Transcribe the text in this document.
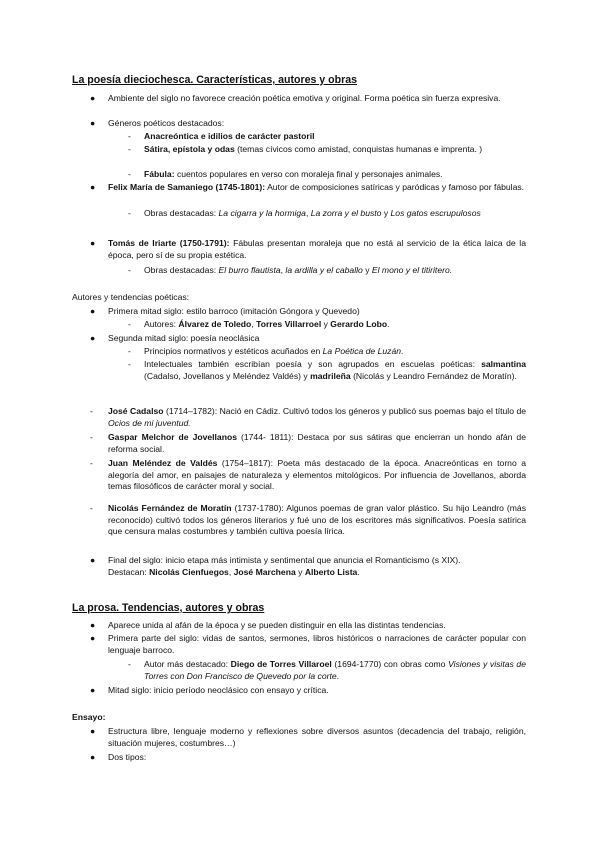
La poesía dieciochesca. Características, autores y obras
● Ambiente del siglo no favorece creación poética emotiva y original. Forma poética sin fuerza expresiva.
● Géneros poéticos destacados:
- Anacreóntica e idilios de carácter pastoril
- Sátira, epístola y odas (temas cívicos como amistad, conquistas humanas e imprenta. )
- Fábula: cuentos populares en verso con moraleja final y personajes animales.
● Felix María de Samaniego (1745-1801): Autor de composiciones satíricas y paródicas y famoso por fábulas.
- Obras destacadas: La cigarra y la hormiga, La zorra y el busto y Los gatos escrupulosos
● Tomás de Iriarte (1750-1791): Fábulas presentan moraleja que no está al servicio de la ética laica de la época, pero sí de su propia estética.
- Obras destacadas: El burro flautista, la ardilla y el caballo y El mono y el titiritero.
Autores y tendencias poéticas:
● Primera mitad siglo: estilo barroco (imitación Góngora y Quevedo)
- Autores: Álvarez de Toledo, Torres Villarroel y Gerardo Lobo.
● Segunda mitad siglo: poesía neoclásica
- Principios normativos y estéticos acuñados en La Poética de Luzán.
- Intelectuales también escribían poesía y son agrupados en escuelas poéticas: salmantina (Cadalso, Jovellanos y Meléndez Valdés) y madrileña (Nicolás y Leandro Fernández de Moratín).
- José Cadalso (1714–1782): Nació en Cádiz. Cultivó todos los géneros y publicó sus poemas bajo el título de Ocios de mi juventud.
- Gaspar Melchor de Jovellanos (1744- 1811): Destaca por sus sátiras que encierran un hondo afán de reforma social.
- Juan Meléndez de Valdés (1754–1817): Poeta más destacado de la época. Anacreónticas en torno a alegoría del amor, en paisajes de naturaleza y elementos mitológicos. Por influencia de Jovellanos, aborda temas filosóficos de carácter moral y social.
- Nicolás Fernández de Moratín (1737-1780): Algunos poemas de gran valor plástico. Su hijo Leandro (más reconocido) cultivó todos los géneros literarios y fué uno de los escritores más significativos. Poesía satírica que censura malas costumbres y también cultiva poesía lírica.
● Final del siglo: inicio etapa más intimista y sentimental que anuncia el Romanticismo (s XIX).
Destacan: Nicolás Cienfuegos, José Marchena y Alberto Lista.
La prosa. Tendencias, autores y obras
● Aparece unida al afán de la época y se pueden distinguir en ella las distintas tendencias.
● Primera parte del siglo: vidas de santos, sermones, libros históricos o narraciones de carácter popular con lenguaje barroco.
- Autor más destacado: Diego de Torres Villaroel (1694-1770) con obras como Visiones y visitas de Torres con Don Francisco de Quevedo por la corte.
● Mitad siglo: inicio período neoclásico con ensayo y crítica.
Ensayo:
● Estructura libre, lenguaje moderno y reflexiones sobre diversos asuntos (decadencia del trabajo, religión, situación mujeres, costumbres…)
● Dos tipos:
